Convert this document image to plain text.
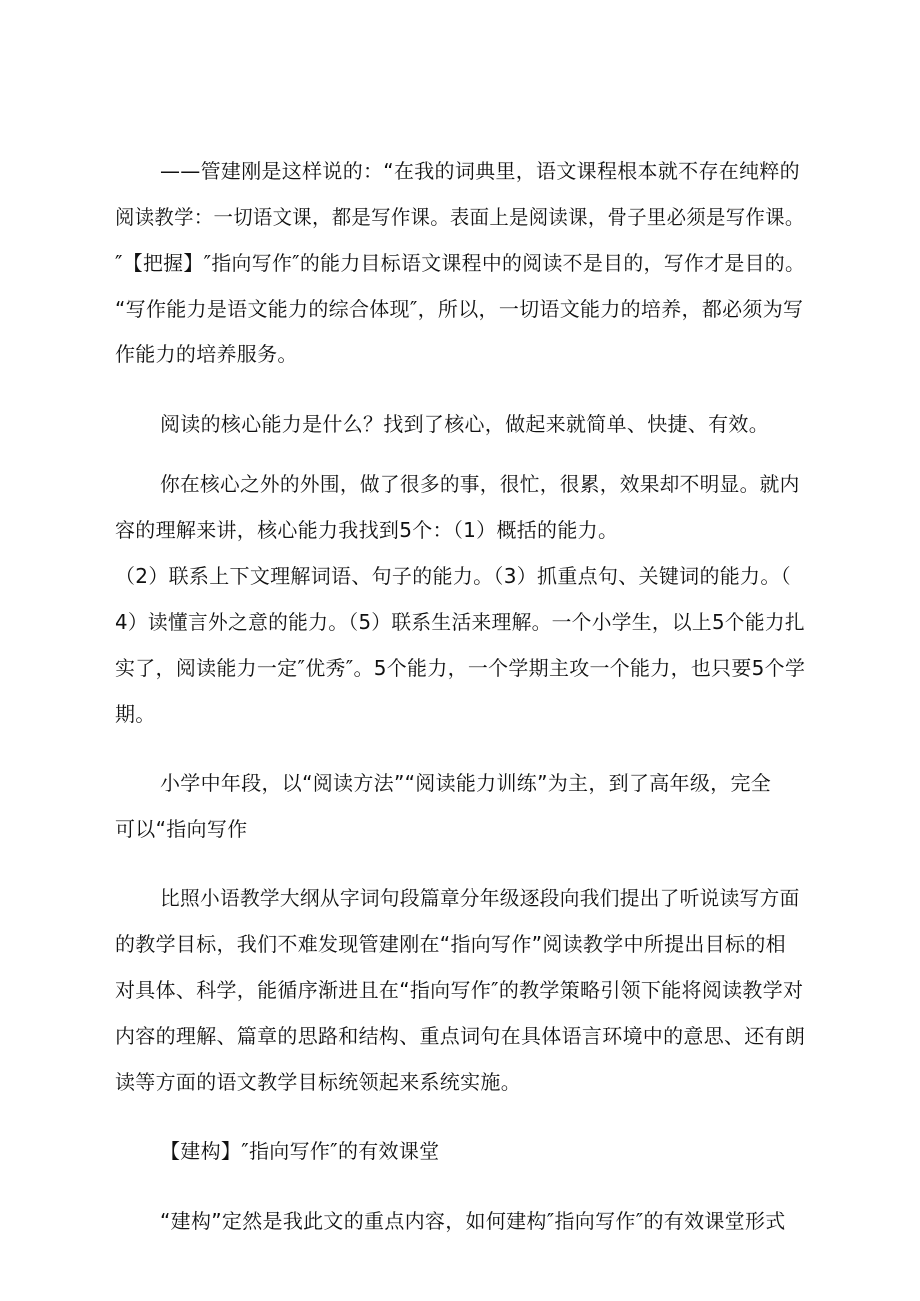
——管建刚是这样说的：“在我的词典里，语文课程根本就不存在纯粹的
阅读教学：一切语文课，都是写作课。表面上是阅读课，骨子里必须是写作课。
″【把握】″指向写作″的能力目标语文课程中的阅读不是目的，写作才是目的。
“写作能力是语文能力的综合体现″，所以，一切语文能力的培养，都必须为写
作能力的培养服务。
阅读的核心能力是什么？找到了核心，做起来就简单、快捷、有效。
你在核心之外的外围，做了很多的事，很忙，很累，效果却不明显。就内
容的理解来讲，核心能力我找到5个：（1）概括的能力。
（2）联系上下文理解词语、句子的能力。（3）抓重点句、关键词的能力。（
4）读懂言外之意的能力。（5）联系生活来理解。一个小学生，以上5个能力扎
实了，阅读能力一定″优秀″。5个能力，一个学期主攻一个能力，也只要5个学
期。
小学中年段，以“阅读方法”“阅读能力训练”为主，到了高年级，完全
可以“指向写作
比照小语教学大纲从字词句段篇章分年级逐段向我们提出了听说读写方面
的教学目标，我们不难发现管建刚在“指向写作”阅读教学中所提出目标的相
对具体、科学，能循序渐进且在“指向写作″的教学策略引领下能将阅读教学对
内容的理解、篇章的思路和结构、重点词句在具体语言环境中的意思、还有朗
读等方面的语文教学目标统领起来系统实施。
【建构】″指向写作″的有效课堂
“建构”定然是我此文的重点内容，如何建构″指向写作″的有效课堂形式
